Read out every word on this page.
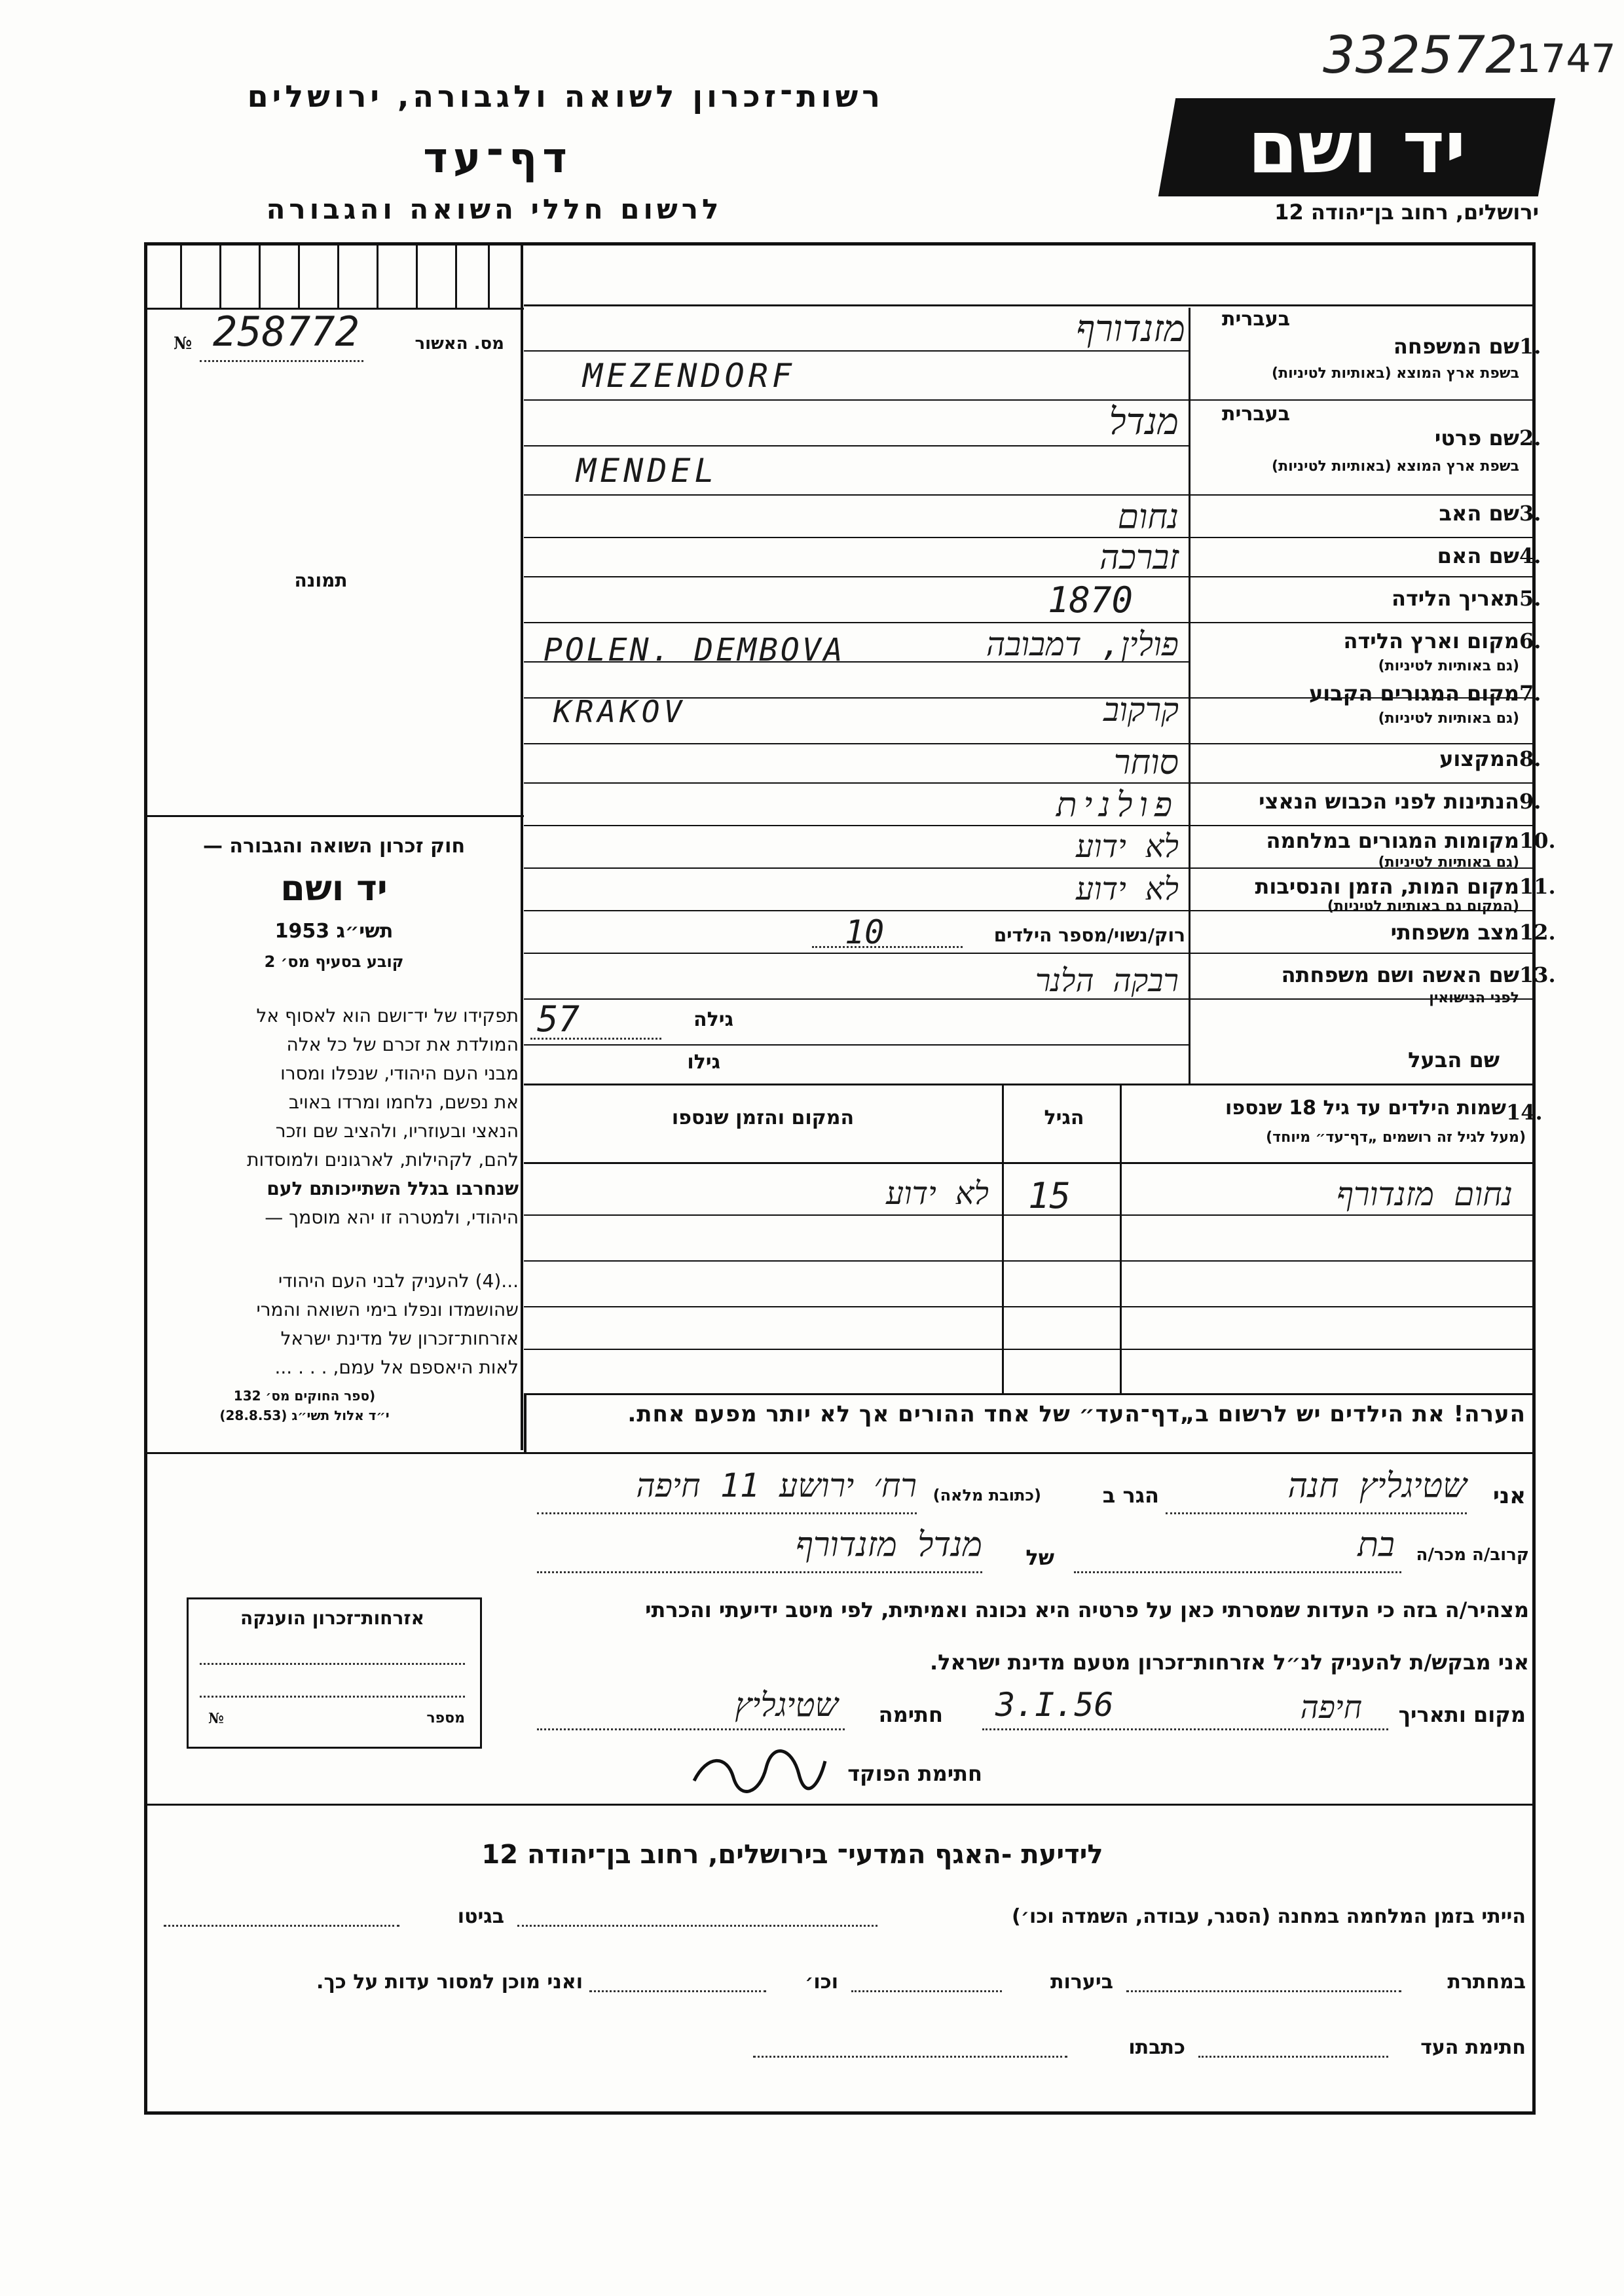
332572
1747
רשות־זכרון לשואה ולגבורה, ירושלים
דף־עד
לרשום חללי השואה והגבורה
יד ושם
ירושלים, רחוב בן־יהודה 12
מס. האשור
№ 258772
תמונה
חוק זכרון השואה והגבורה —
יד ושם
תשי״ג 1953
קובע בסעיף מס׳ 2
תפקידו של יד־ושם הוא לאסוף אל
המולדת את זכרם של כל אלה
מבני העם היהודי, שנפלו ומסרו
את נפשם, נלחמו ומרדו באויב
הנאצי ובעוזריו, ולהציב שם וזכר
להם, לקהילות, לארגונים ולמוסדות
שנחרבו בגלל השתייכותם לעם
היהודי, ולמטרה זו יהא מוסמך —
...(4) להעניק לבני העם היהודי
שהושמדו ונפלו בימי השואה והמרי
אזרחות־זכרון של מדינת ישראל
לאות היאספם אל עמם, . . . ...
(ספר החוקים מס׳ 132
י״ד אלול תשי״ג (28.8.53)
אזרחות־זכרון הוענקה
מספר
№
בעברית
שם המשפחה 1.
בשפת ארץ המוצא (באותיות לטיניות)
מזנדורף
MEZENDORF
בעברית
שם פרטי 2.
בשפת ארץ המוצא (באותיות לטיניות)
מנדל
MENDEL
שם האב 3.
נחום
שם האם 4.
זברכה
תאריך הלידה 5.
1870
מקום וארץ הלידה 6.
(גם באותיות לטיניות)
פולין, דמבובה
POLEN. DEMBOVA
מקום המגורים הקבוע 7.
(גם באותיות לטיניות)
קרקוב
KRAKOV
המקצוע 8.
סוחר
הנתינות לפני הכבוש הנאצי 9.
פולנית
מקומות המגורים במלחמה 10.
(גם באותיות לטיניות)
לא ידוע
מקום המות, הזמן והנסיבות 11.
(המקום גם באותיות לטיניות)
לא ידוע
מצב משפחתי 12.
רוק/נשוי/מספר הילדים
10
שם האשה ושם משפחתה 13.
לפני הנישואין
רבקה הלנר
גילה
57
שם הבעל
גילו
14.
שמות הילדים עד גיל 18 שנספו
(מעל לגיל זה רושמים „דף־עד״ מיוחד)
הגיל
המקום והזמן שנספו
נחום מזנדורף
15
לא ידוע
הערה! את הילדים יש לרשום ב„דף־העד״ של אחד ההורים אך לא יותר מפעם אחת.
אני
שטיגליץ חנה
הגר ב
(כתובת מלאה)
רח׳ ירושע 11 חיפה
קרוב/ה מכר/ה
בת
של
מנדל מזנדורף
מצהיר/ה בזה כי העדות שמסרתי כאן על פרטיה היא נכונה ואמיתית, לפי מיטב ידיעתי והכרתי
אני מבקש/ת להעניק לנ״ל אזרחות־זכרון מטעם מדינת ישראל.
מקום ותאריך
חיפה
3.I.56
חתימה
שטיגליץ
חתימת הפוקד
לידיעת -האגף המדעי־ בירושלים, רחוב בן־יהודה 12
הייתי בזמן המלחמה במחנה (הסגר, עבודה, השמדה וכו׳)
בגיטו
במחתרת
ביערות
וכו׳
ואני מוכן למסור עדות על כך.
חתימת העד
כתבתו
